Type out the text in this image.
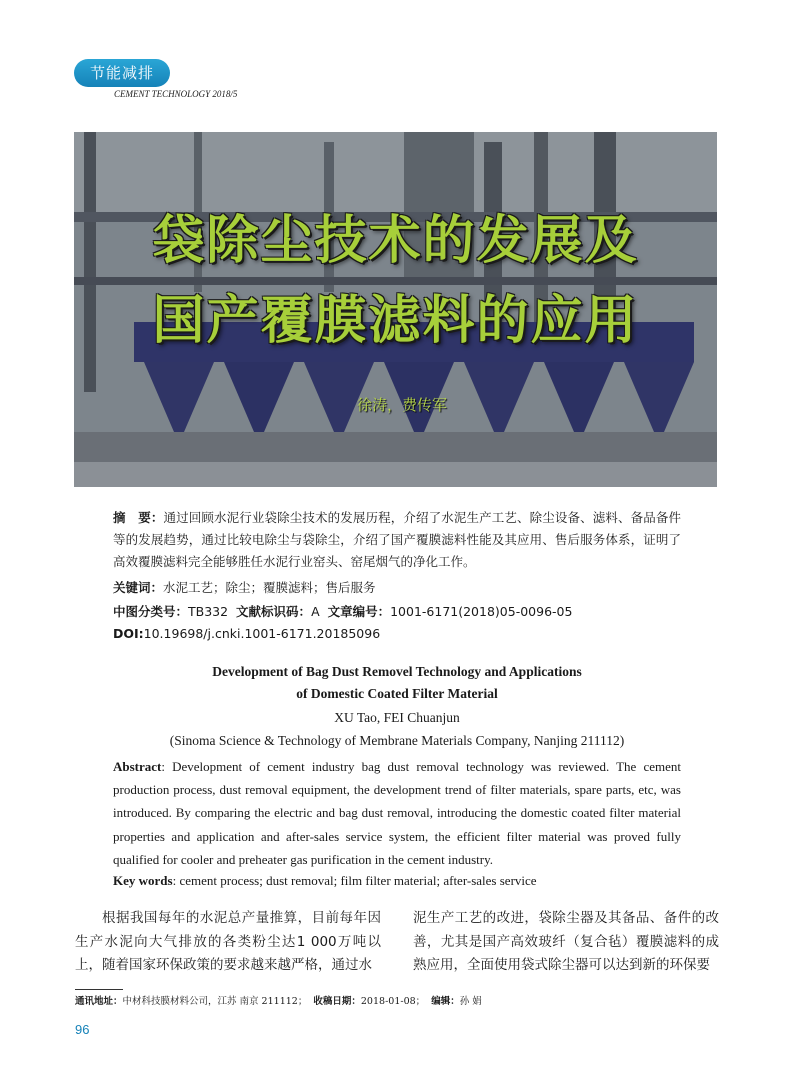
节能减排
CEMENT TECHNOLOGY 2018/5
袋除尘技术的发展及
国产覆膜滤料的应用
徐涛，费传军
摘　要：通过回顾水泥行业袋除尘技术的发展历程，介绍了水泥生产工艺、除尘设备、滤料、备品备件等的发展趋势，通过比较电除尘与袋除尘，介绍了国产覆膜滤料性能及其应用、售后服务体系，证明了高效覆膜滤料完全能够胜任水泥行业窑头、窑尾烟气的净化工作。
关键词：水泥工艺；除尘；覆膜滤料；售后服务
中图分类号：TB332 文献标识码：A 文章编号：1001-6171(2018)05-0096-05
DOI:10.19698/j.cnki.1001-6171.20185096
Development of Bag Dust Removel Technology and Applications
of Domestic Coated Filter Material
XU Tao, FEI Chuanjun
(Sinoma Science & Technology of Membrane Materials Company, Nanjing 211112)
Abstract: Development of cement industry bag dust removal technology was reviewed. The cement production process, dust removal equipment, the development trend of filter materials, spare parts, etc, was introduced. By comparing the electric and bag dust removal, introducing the domestic coated filter material properties and application and after-sales service system, the efficient filter material was proved fully qualified for cooler and preheater gas purification in the cement industry.
Key words: cement process; dust removal; film filter material; after-sales service
根据我国每年的水泥总产量推算，目前每年因生产水泥向大气排放的各类粉尘达1 000万吨以上，随着国家环保政策的要求越来越严格，通过水
泥生产工艺的改进，袋除尘器及其备品、备件的改善，尤其是国产高效玻纤（复合毡）覆膜滤料的成熟应用，全面使用袋式除尘器可以达到新的环保要
通讯地址：中材科技膜材料公司，江苏 南京 211112； 收稿日期：2018-01-08； 编辑：孙 娟
96
